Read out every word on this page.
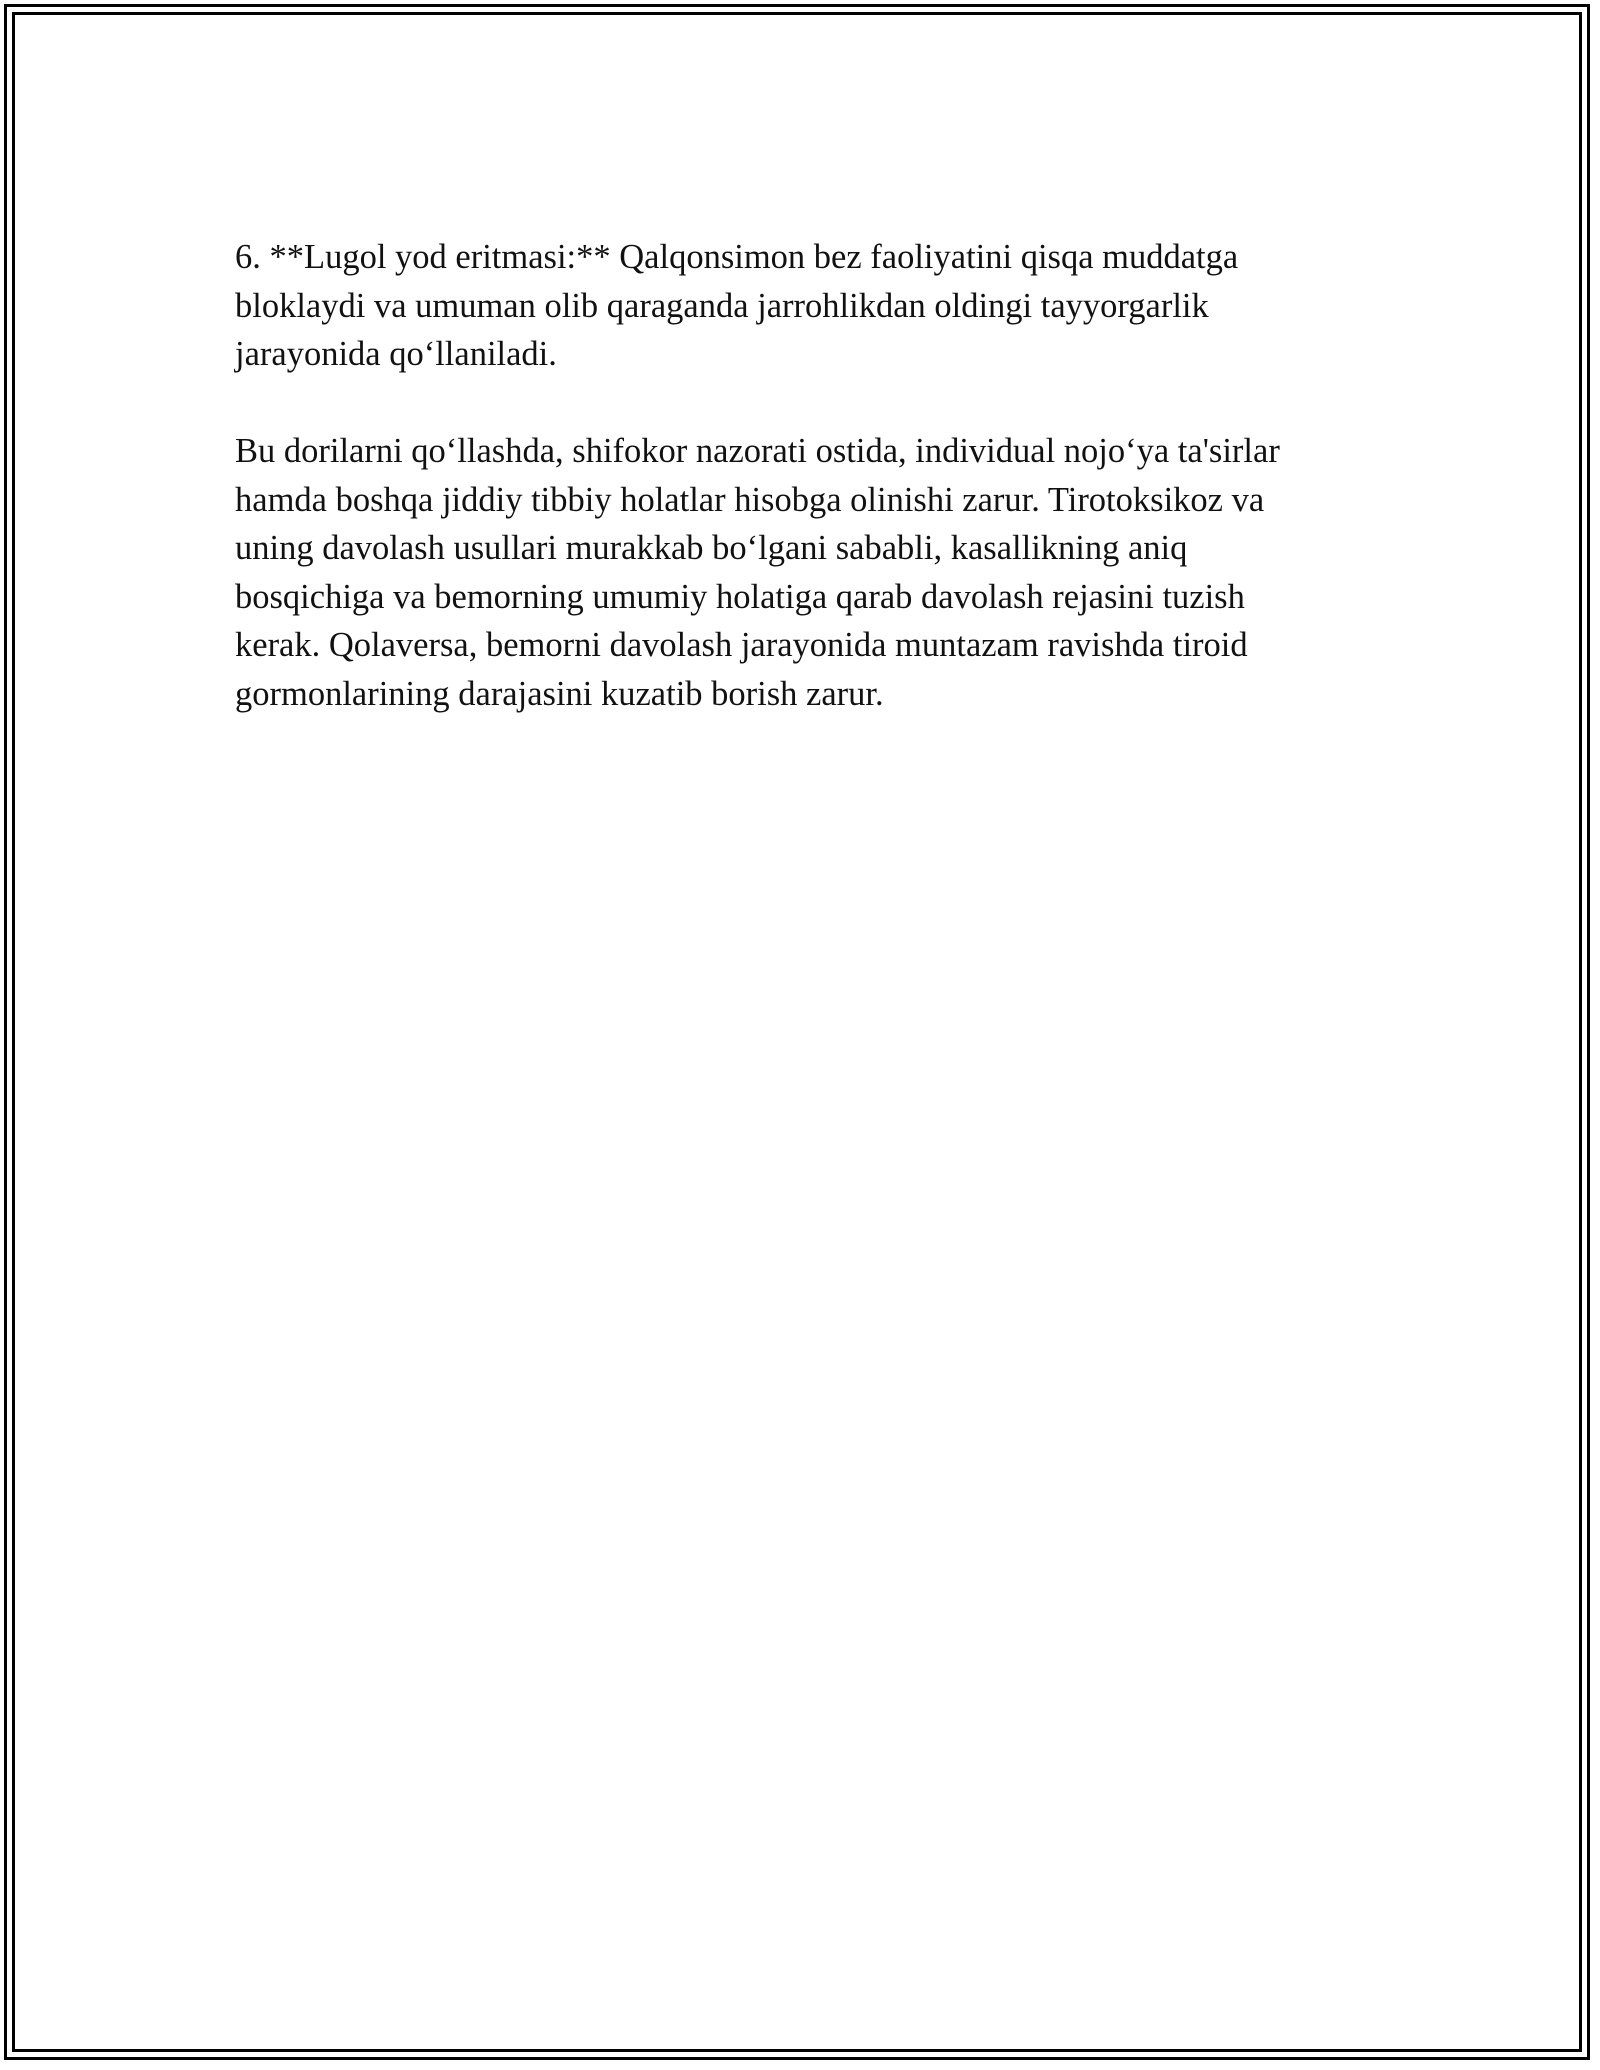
6. **Lugol yod eritmasi:** Qalqonsimon bez faoliyatini qisqa muddatga
bloklaydi va umuman olib qaraganda jarrohlikdan oldingi tayyorgarlik
jarayonida qo‘llaniladi.

Bu dorilarni qo‘llashda, shifokor nazorati ostida, individual nojo‘ya ta'sirlar
hamda boshqa jiddiy tibbiy holatlar hisobga olinishi zarur. Tirotoksikoz va
uning davolash usullari murakkab bo‘lgani sababli, kasallikning aniq
bosqichiga va bemorning umumiy holatiga qarab davolash rejasini tuzish
kerak. Qolaversa, bemorni davolash jarayonida muntazam ravishda tiroid
gormonlarining darajasini kuzatib borish zarur.
